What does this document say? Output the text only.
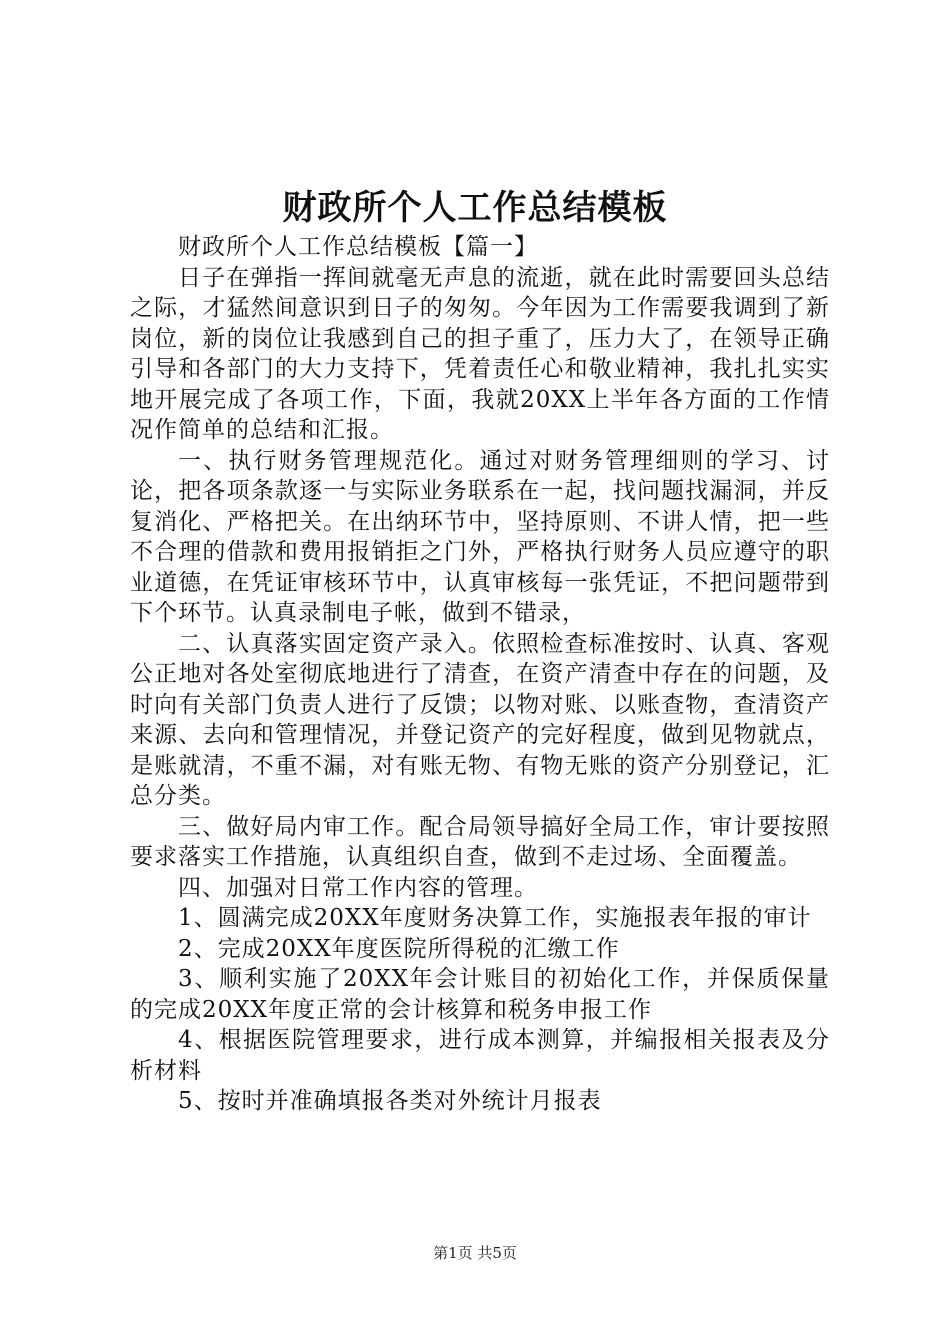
财政所个人工作总结模板

财政所个人工作总结模板【篇一】

日子在弹指一挥间就毫无声息的流逝，就在此时需要回头总结之际，才猛然间意识到日子的匆匆。今年因为工作需要我调到了新岗位，新的岗位让我感到自己的担子重了，压力大了，在领导正确引导和各部门的大力支持下，凭着责任心和敬业精神，我扎扎实实地开展完成了各项工作，下面，我就20XX上半年各方面的工作情况作简单的总结和汇报。

一、执行财务管理规范化。通过对财务管理细则的学习、讨论，把各项条款逐一与实际业务联系在一起，找问题找漏洞，并反复消化、严格把关。在出纳环节中，坚持原则、不讲人情，把一些不合理的借款和费用报销拒之门外，严格执行财务人员应遵守的职业道德，在凭证审核环节中，认真审核每一张凭证，不把问题带到下个环节。认真录制电子帐，做到不错录，

二、认真落实固定资产录入。依照检查标准按时、认真、客观公正地对各处室彻底地进行了清查，在资产清查中存在的问题，及时向有关部门负责人进行了反馈；以物对账、以账查物，查清资产来源、去向和管理情况，并登记资产的完好程度，做到见物就点，是账就清，不重不漏，对有账无物、有物无账的资产分别登记，汇总分类。

三、做好局内审工作。配合局领导搞好全局工作，审计要按照要求落实工作措施，认真组织自查，做到不走过场、全面覆盖。

四、加强对日常工作内容的管理。

1、圆满完成20XX年度财务决算工作，实施报表年报的审计

2、完成20XX年度医院所得税的汇缴工作

3、顺利实施了20XX年会计账目的初始化工作，并保质保量的完成20XX年度正常的会计核算和税务申报工作

4、根据医院管理要求，进行成本测算，并编报相关报表及分析材料

5、按时并准确填报各类对外统计月报表

第1页 共5页
